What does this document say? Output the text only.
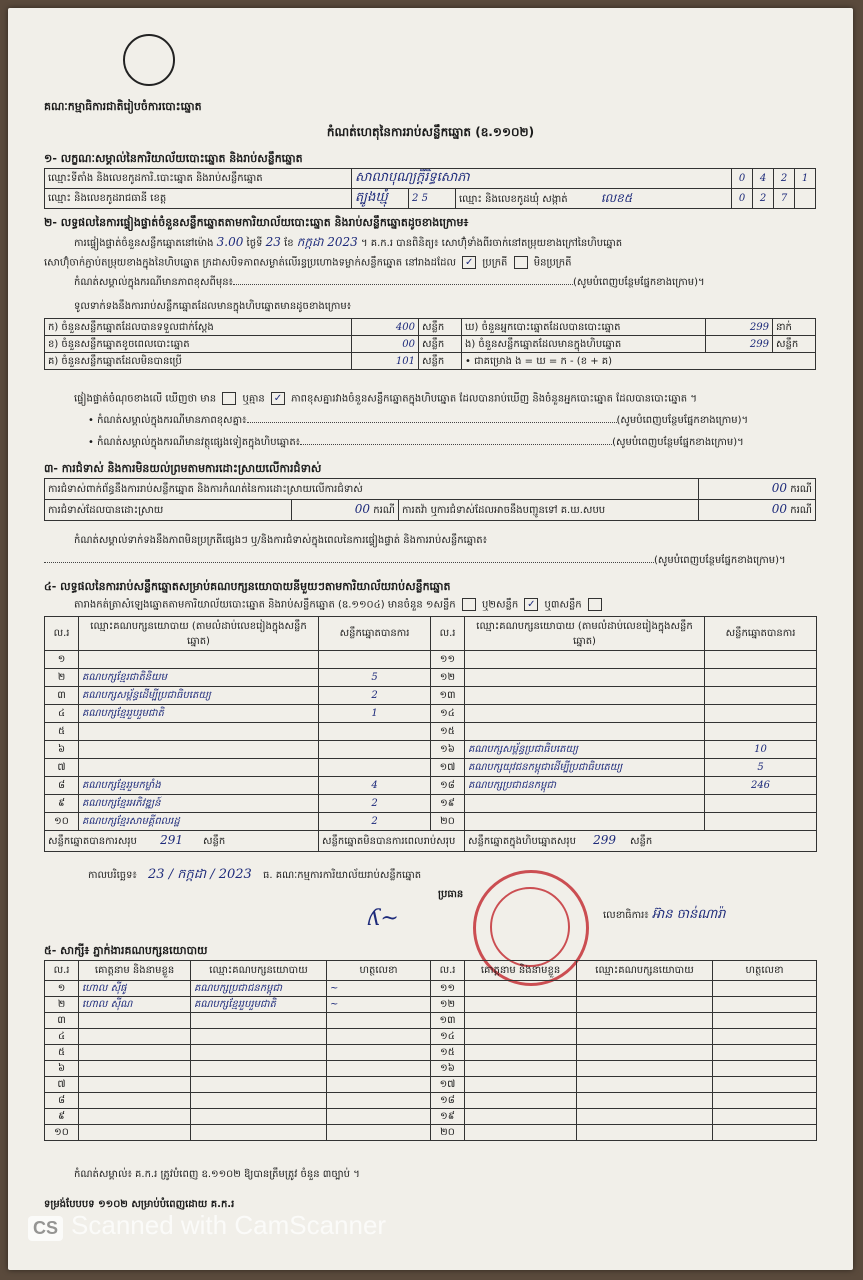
គណៈកម្មាធិការជាតិរៀបចំការបោះឆ្នោត
កំណត់ហេតុនៃការរាប់សន្លឹកឆ្នោត (ឧ.១១០២)
១- លក្ខណៈសម្គាល់នៃការិយាល័យបោះឆ្នោត និងរាប់សន្លឹកឆ្នោត
ឈ្មោះទីតាំង និងលេខកូដការិ.បោះឆ្នោត និងរាប់សន្លឹកឆ្នោត	សាលាបុណ្យក្ដីរិទ្ធសោភា			0	4	2	1
ឈ្មោះ និងលេខកូដរាជធានី ខេត្ត	ត្បូងឃ្មុំ	2 5	ឈ្មោះ និងលេខកូដឃុំ សង្កាត់ លេខ៥	0	2	7	
២- លទ្ធផលនៃការផ្ទៀងផ្ទាត់ចំនួនសន្លឹកឆ្នោតតាមការិយាល័យបោះឆ្នោត និងរាប់សន្លឹកឆ្នោតដូចខាងក្រោម៖
ការផ្ទៀងផ្ទាត់ចំនួនសន្លឹកឆ្នោតនៅម៉ោង 3.00 ថ្ងៃទី 23 ខែ កក្កដា 2023 ។ គ.ក.រ បានពិនិត្យ៖ សោហ៊ុំទាំងពីរចាក់នៅតម្រុយខាងក្រៅនៃហិបឆ្នោត
សោហ៊ុំចាក់ភ្ជាប់តម្រុយខាងក្នុងនៃហិបឆ្នោត ក្រដាសបិទភាពសម្ងាត់លើរន្ធប្រហោងទម្លាក់សន្លឹកឆ្នោត នៅរាងដដែល ✓ ប្រក្រតី	មិនប្រក្រតី
កំណត់សម្គាល់ក្នុងករណីមានភាពខុសពីមុន៖	(សូមបំពេញបន្ថែមផ្នែកខាងក្រោម)។
ទូលទាក់ទងនឹងការរាប់សន្លឹកឆ្នោតដែលមានក្នុងហិបឆ្នោតមានដូចខាងក្រោម៖
ក) ចំនួនសន្លឹកឆ្នោតដែលបានទទួលជាក់ស្ដែង	400	សន្លឹក	ឃ) ចំនួនអ្នកបោះឆ្នោតដែលបានបោះឆ្នោត	299	នាក់
ខ) ចំនួនសន្លឹកឆ្នោតខូចពេលបោះឆ្នោត	00	សន្លឹក	ង) ចំនួនសន្លឹកឆ្នោតដែលមានក្នុងហិបឆ្នោត	299	សន្លឹក
គ) ចំនួនសន្លឹកឆ្នោតដែលមិនបានប្រើ	101	សន្លឹក	• ជាគម្រោង ង = ឃ = ក - (ខ + គ)		
ផ្ទៀងផ្ទាត់ចំណុចខាងលើ ឃើញថា មាន	ឬគ្មាន ✓ ភាពខុសគ្នារវាងចំនួនសន្លឹកឆ្នោតក្នុងហិបឆ្នោត ដែលបានរាប់ឃើញ និងចំនួនអ្នកបោះឆ្នោត ដែលបានបោះឆ្នោត ។
• កំណត់សម្គាល់ក្នុងករណីមានភាពខុសគ្នា៖	(សូមបំពេញបន្ថែមផ្នែកខាងក្រោម)។
• កំណត់សម្គាល់ក្នុងករណីមានវត្ថុផ្សេងទៀតក្នុងហិបឆ្នោត៖	(សូមបំពេញបន្ថែមផ្នែកខាងក្រោម)។
៣- ការជំទាស់ និងការមិនយល់ព្រមតាមការដោះស្រាយលើការជំទាស់
ការជំទាស់ពាក់ព័ន្ធនឹងការរាប់សន្លឹកឆ្នោត និងការកំណត់នៃការដោះស្រាយលើការជំទាស់			00 ករណី
ការជំទាស់ដែលបានដោះស្រាយ	00 ករណី	ការតវ៉ា ឬការជំទាស់ដែលអាចនឹងបញ្ជូនទៅ គ.ឃ.សបប	00 ករណី
កំណត់សម្គាល់ទាក់ទងនឹងភាពមិនប្រក្រតីផ្សេងៗ ឬ/និងការជំទាស់ក្នុងពេលនៃការផ្ទៀងផ្ទាត់ និងការរាប់សន្លឹកឆ្នោត៖
(សូមបំពេញបន្ថែមផ្នែកខាងក្រោម)។
៤- លទ្ធផលនៃការរាប់សន្លឹកឆ្នោតសម្រាប់គណបក្សនយោបាយនីមួយៗតាមការិយាល័យរាប់សន្លឹកឆ្នោត
តារាងកត់ត្រាសំឡេងឆ្នោតតាមការិយាល័យបោះឆ្នោត និងរាប់សន្លឹកឆ្នោត (ឧ.១១០៤) មានចំនួន ១សន្លឹក	ឬ២សន្លឹក ✓ ឬ៣សន្លឹក
ល.រ	ឈ្មោះគណបក្សនយោបាយ (តាមលំដាប់លេខរៀងក្នុងសន្លឹកឆ្នោត)	សន្លឹកឆ្នោតបានការ	ល.រ	ឈ្មោះគណបក្សនយោបាយ (តាមលំដាប់លេខរៀងក្នុងសន្លឹកឆ្នោត)	សន្លឹកឆ្នោតបានការ
១			១១		
២	គណបក្សខ្មែរជាតិនិយម	5	១២		
៣	គណបក្សសម្ព័ន្ធដើម្បីប្រជាធិបតេយ្យ	2	១៣		
៤	គណបក្សខ្មែររួបរួមជាតិ	1	១៤		
៥			១៥		
៦			១៦	គណបក្សសម្ព័ន្ធប្រជាធិបតេយ្យ	10
៧			១៧	គណបក្សយុវជនកម្ពុជាដើម្បីប្រជាធិបតេយ្យ	5
៨	គណបក្សខ្មែររួមកម្លាំង	4	១៨	គណបក្សប្រជាជនកម្ពុជា	246
៩	គណបក្សខ្មែរអភិវឌ្ឍន៍	2	១៩		
១០	គណបក្សខ្មែរសាមគ្គីពលរដ្ឋ	2	២០		
សន្លឹកឆ្នោតបានការសរុប 291 សន្លឹក		សន្លឹកឆ្នោតមិនបានការពេលរាប់សរុប		សន្លឹកឆ្នោតក្នុងហិបឆ្នោតសរុប 299 សន្លឹក	
កាលបរិច្ឆេទ៖ 23 / កក្កដា / 2023 ធ. គណៈកម្មការការិយាល័យរាប់សន្លឹកឆ្នោត
ប្រធាន
ʎ~	លេខាធិការ៖ អ៊ាន ចាន់ណារ៉ា
៥- សាក្សី៖ ភ្នាក់ងារគណបក្សនយោបាយ
ល.រ	គោត្តនាម និងនាមខ្លួន	ឈ្មោះគណបក្សនយោបាយ	ហត្ថលេខា	ល.រ	គោត្តនាម និងនាមខ្លួន	ឈ្មោះគណបក្សនយោបាយ	ហត្ថលេខា
១	ហោល ស៊ីផូ	គណបក្សប្រជាជនកម្ពុជា	~	១១			
២	ហោល ស៊ីណ	គណបក្សខ្មែររួបរួមជាតិ	~	១២			
៣				១៣			
៤				១៤			
៥				១៥			
៦				១៦			
៧				១៧			
៨				១៨			
៩				១៩			
១០				២០			
កំណត់សម្គាល់៖ គ.ក.រ ត្រូវបំពេញ ឧ.១១០២ ឱ្យបានត្រឹមត្រូវ ចំនួន ៣ច្បាប់ ។
ទម្រង់បែបបទ ១១០២ សម្រាប់បំពេញដោយ គ.ក.រ
CS Scanned with CamScanner
